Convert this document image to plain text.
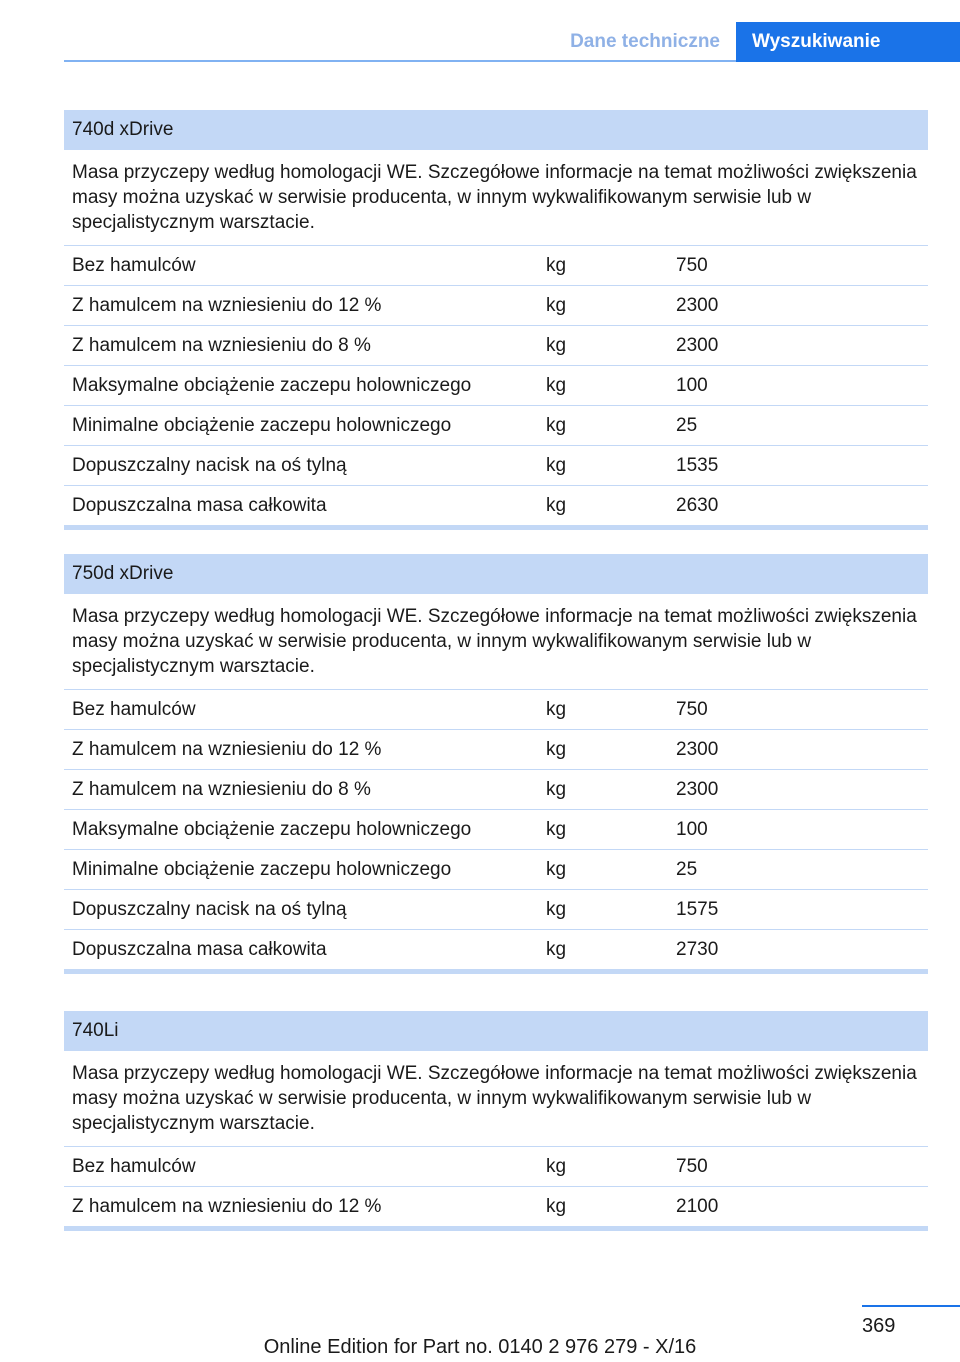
Dane techniczne	Wyszukiwanie
740d xDrive
Masa przyczepy według homologacji WE. Szczegółowe informacje na temat możliwości zwiększenia masy można uzyskać w serwisie producenta, w innym wykwalifikowanym serwisie lub w specjalistycznym warsztacie.
Bez hamulców	kg	750
Z hamulcem na wzniesieniu do 12 %	kg	2300
Z hamulcem na wzniesieniu do 8 %	kg	2300
Maksymalne obciążenie zaczepu holowniczego	kg	100
Minimalne obciążenie zaczepu holowniczego	kg	25
Dopuszczalny nacisk na oś tylną	kg	1535
Dopuszczalna masa całkowita	kg	2630
750d xDrive
Masa przyczepy według homologacji WE. Szczegółowe informacje na temat możliwości zwiększenia masy można uzyskać w serwisie producenta, w innym wykwalifikowanym serwisie lub w specjalistycznym warsztacie.
Bez hamulców	kg	750
Z hamulcem na wzniesieniu do 12 %	kg	2300
Z hamulcem na wzniesieniu do 8 %	kg	2300
Maksymalne obciążenie zaczepu holowniczego	kg	100
Minimalne obciążenie zaczepu holowniczego	kg	25
Dopuszczalny nacisk na oś tylną	kg	1575
Dopuszczalna masa całkowita	kg	2730
740Li
Masa przyczepy według homologacji WE. Szczegółowe informacje na temat możliwości zwiększenia masy można uzyskać w serwisie producenta, w innym wykwalifikowanym serwisie lub w specjalistycznym warsztacie.
Bez hamulców	kg	750
Z hamulcem na wzniesieniu do 12 %	kg	2100
369
Online Edition for Part no. 0140 2 976 279 - X/16
